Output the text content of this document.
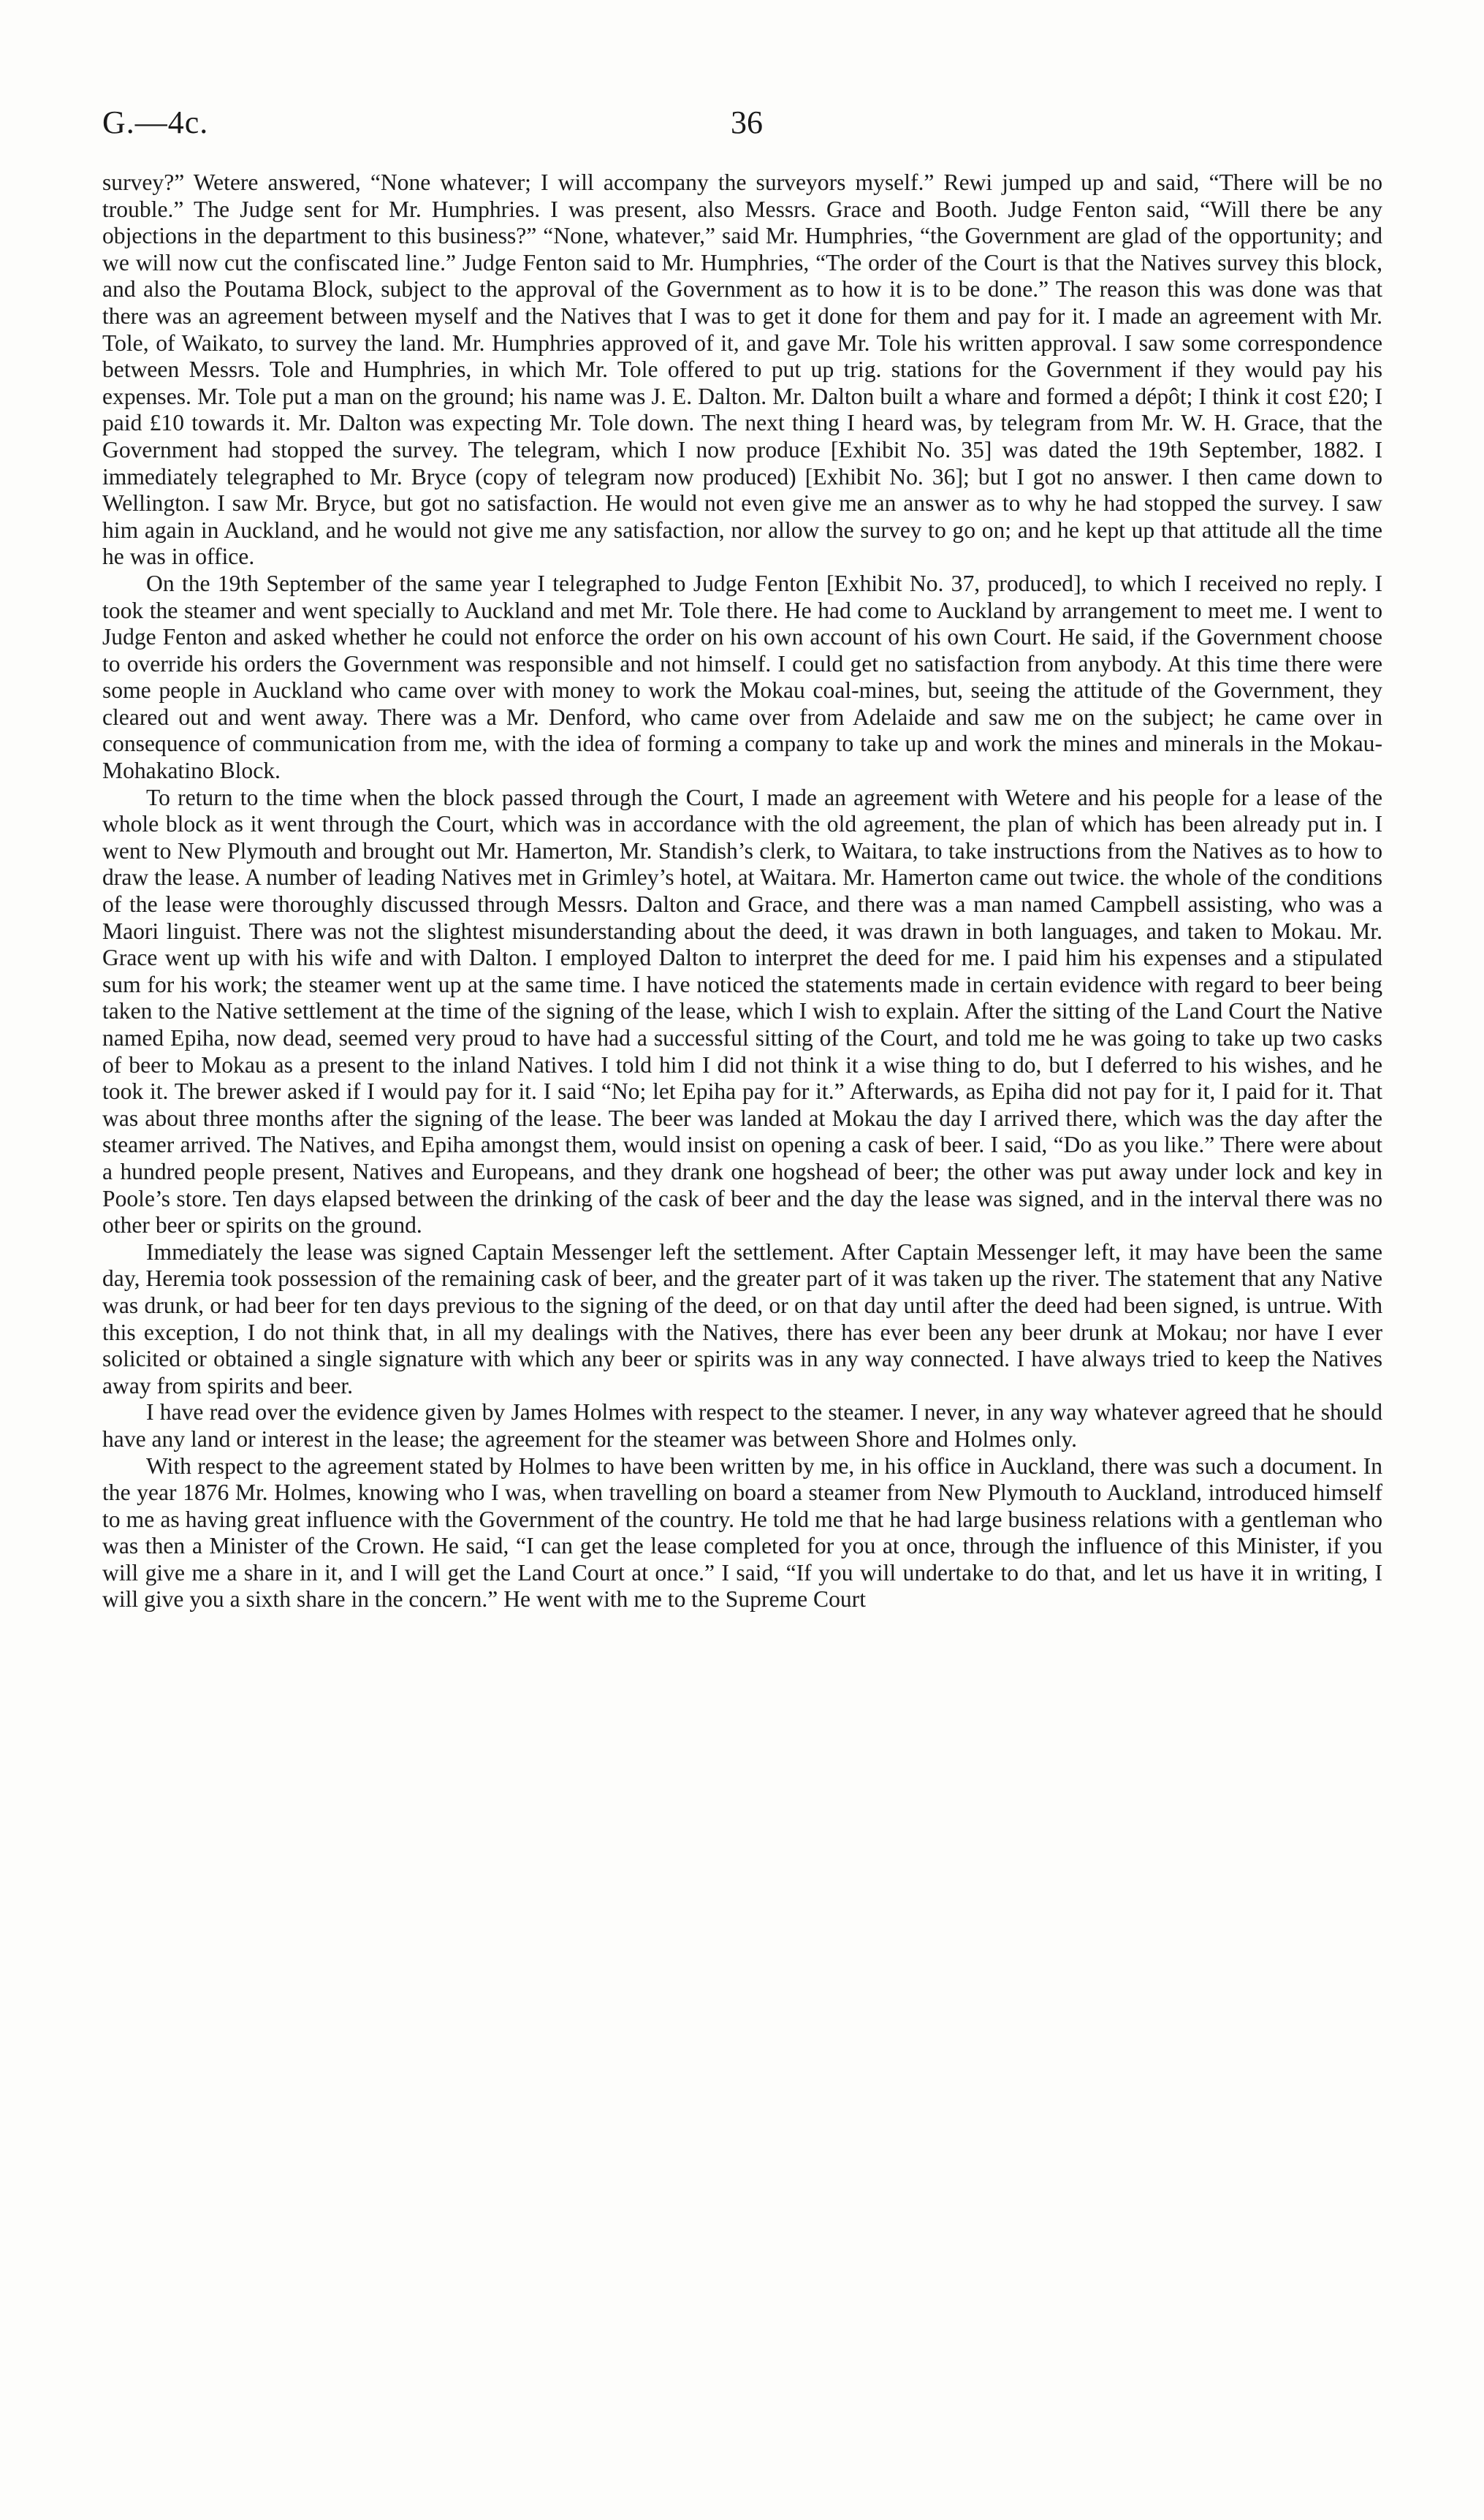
G.—4c.	36

survey?” Wetere answered, “None whatever; I will accompany the surveyors myself.” Rewi jumped up and said, “There will be no trouble.” The Judge sent for Mr. Humphries. I was present, also Messrs. Grace and Booth. Judge Fenton said, “Will there be any objections in the department to this business?” “None, whatever,” said Mr. Humphries, “the Government are glad of the opportunity; and we will now cut the confiscated line.” Judge Fenton said to Mr. Humphries, “The order of the Court is that the Natives survey this block, and also the Poutama Block, subject to the approval of the Government as to how it is to be done.” The reason this was done was that there was an agreement between myself and the Natives that I was to get it done for them and pay for it. I made an agreement with Mr. Tole, of Waikato, to survey the land. Mr. Humphries approved of it, and gave Mr. Tole his written approval. I saw some correspondence between Messrs. Tole and Humphries, in which Mr. Tole offered to put up trig. stations for the Government if they would pay his expenses. Mr. Tole put a man on the ground; his name was J. E. Dalton. Mr. Dalton built a whare and formed a dépôt; I think it cost £20; I paid £10 towards it. Mr. Dalton was expecting Mr. Tole down. The next thing I heard was, by telegram from Mr. W. H. Grace, that the Government had stopped the survey. The telegram, which I now produce [Exhibit No. 35] was dated the 19th September, 1882. I immediately telegraphed to Mr. Bryce (copy of telegram now produced) [Exhibit No. 36]; but I got no answer. I then came down to Wellington. I saw Mr. Bryce, but got no satisfaction. He would not even give me an answer as to why he had stopped the survey. I saw him again in Auckland, and he would not give me any satisfaction, nor allow the survey to go on; and he kept up that attitude all the time he was in office.

On the 19th September of the same year I telegraphed to Judge Fenton [Exhibit No. 37, produced], to which I received no reply. I took the steamer and went specially to Auckland and met Mr. Tole there. He had come to Auckland by arrangement to meet me. I went to Judge Fenton and asked whether he could not enforce the order on his own account of his own Court. He said, if the Government choose to override his orders the Government was responsible and not himself. I could get no satisfaction from anybody. At this time there were some people in Auckland who came over with money to work the Mokau coal-mines, but, seeing the attitude of the Government, they cleared out and went away. There was a Mr. Denford, who came over from Adelaide and saw me on the subject; he came over in consequence of communication from me, with the idea of forming a company to take up and work the mines and minerals in the Mokau-Mohakatino Block.

To return to the time when the block passed through the Court, I made an agreement with Wetere and his people for a lease of the whole block as it went through the Court, which was in accordance with the old agreement, the plan of which has been already put in. I went to New Plymouth and brought out Mr. Hamerton, Mr. Standish’s clerk, to Waitara, to take instructions from the Natives as to how to draw the lease. A number of leading Natives met in Grimley’s hotel, at Waitara. Mr. Hamerton came out twice. the whole of the conditions of the lease were thoroughly discussed through Messrs. Dalton and Grace, and there was a man named Campbell assisting, who was a Maori linguist. There was not the slightest misunderstanding about the deed, it was drawn in both languages, and taken to Mokau. Mr. Grace went up with his wife and with Dalton. I employed Dalton to interpret the deed for me. I paid him his expenses and a stipulated sum for his work; the steamer went up at the same time. I have noticed the statements made in certain evidence with regard to beer being taken to the Native settlement at the time of the signing of the lease, which I wish to explain. After the sitting of the Land Court the Native named Epiha, now dead, seemed very proud to have had a successful sitting of the Court, and told me he was going to take up two casks of beer to Mokau as a present to the inland Natives. I told him I did not think it a wise thing to do, but I deferred to his wishes, and he took it. The brewer asked if I would pay for it. I said “No; let Epiha pay for it.” Afterwards, as Epiha did not pay for it, I paid for it. That was about three months after the signing of the lease. The beer was landed at Mokau the day I arrived there, which was the day after the steamer arrived. The Natives, and Epiha amongst them, would insist on opening a cask of beer. I said, “Do as you like.” There were about a hundred people present, Natives and Europeans, and they drank one hogshead of beer; the other was put away under lock and key in Poole’s store. Ten days elapsed between the drinking of the cask of beer and the day the lease was signed, and in the interval there was no other beer or spirits on the ground.

Immediately the lease was signed Captain Messenger left the settlement. After Captain Messenger left, it may have been the same day, Heremia took possession of the remaining cask of beer, and the greater part of it was taken up the river. The statement that any Native was drunk, or had beer for ten days previous to the signing of the deed, or on that day until after the deed had been signed, is untrue. With this exception, I do not think that, in all my dealings with the Natives, there has ever been any beer drunk at Mokau; nor have I ever solicited or obtained a single signature with which any beer or spirits was in any way connected. I have always tried to keep the Natives away from spirits and beer.

I have read over the evidence given by James Holmes with respect to the steamer. I never, in any way whatever agreed that he should have any land or interest in the lease; the agreement for the steamer was between Shore and Holmes only.

With respect to the agreement stated by Holmes to have been written by me, in his office in Auckland, there was such a document. In the year 1876 Mr. Holmes, knowing who I was, when travelling on board a steamer from New Plymouth to Auckland, introduced himself to me as having great influence with the Government of the country. He told me that he had large business relations with a gentleman who was then a Minister of the Crown. He said, “I can get the lease completed for you at once, through the influence of this Minister, if you will give me a share in it, and I will get the Land Court at once.” I said, “If you will undertake to do that, and let us have it in writing, I will give you a sixth share in the concern.” He went with me to the Supreme Court
